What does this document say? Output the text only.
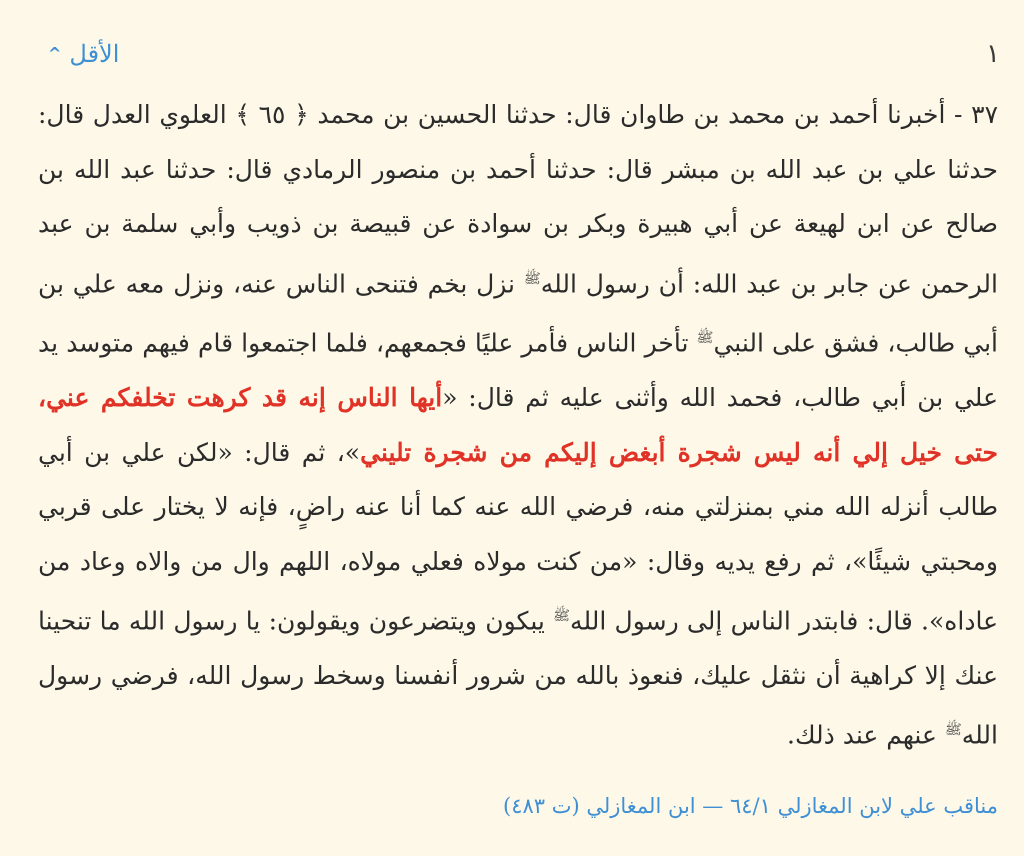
١
^ الأقل
٣٧ - أخبرنا أحمد بن محمد بن طاوان قال: حدثنا الحسين بن محمد ﴿ ٦٥ ﴾ العلوي العدل قال: حدثنا علي بن عبد الله بن مبشر قال: حدثنا أحمد بن منصور الرمادي قال: حدثنا عبد الله بن صالح عن ابن لهيعة عن أبي هبيرة وبكر بن سوادة عن قبيصة بن ذويب وأبي سلمة بن عبد الرحمن عن جابر بن عبد الله: أن رسول الله$^ﷺ$ نزل بخم فتنحى الناس عنه، ونزل معه علي بن أبي طالب، فشق على النبي$^ﷺ$ تأخر الناس فأمر عليًا فجمعهم، فلما اجتمعوا قام فيهم متوسد يد علي بن أبي طالب، فحمد الله وأثنى عليه ثم قال: «أيها الناس إنه قد كرهت تخلفكم عني، حتى خيل إلي أنه ليس شجرة أبغض إليكم من شجرة تليني»، ثم قال: «لكن علي بن أبي طالب أنزله الله مني بمنزلتي منه، فرضي الله عنه كما أنا عنه راضٍ، فإنه لا يختار على قربي ومحبتي شيئًا»، ثم رفع يديه وقال: «من كنت مولاه فعلي مولاه، اللهم وال من والاه وعاد من عاداه». قال: فابتدر الناس إلى رسول الله$^ﷺ$ يبكون ويتضرعون ويقولون: يا رسول الله ما تنحينا عنك إلا كراهية أن نثقل عليك، فنعوذ بالله من شرور أنفسنا وسخط رسول الله، فرضي رسول الله$^ﷺ$ عنهم عند ذلك.
مناقب علي لابن المغازلي ٦٤/١ — ابن المغازلي (ت ٤٨٣)
